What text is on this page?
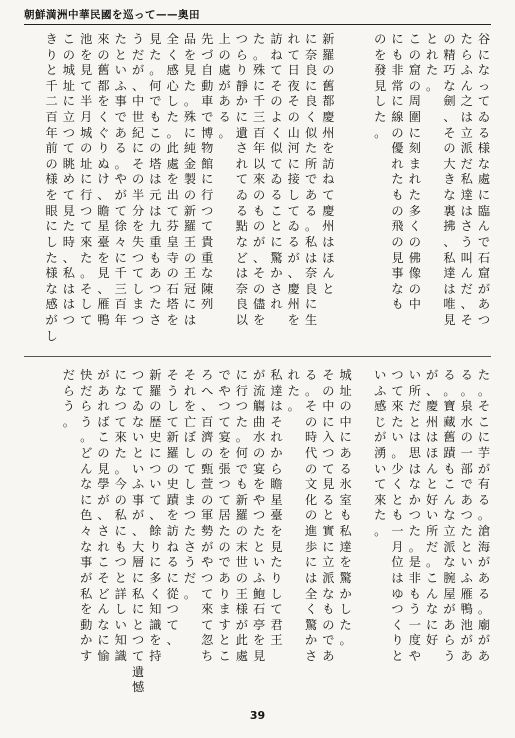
朝鮮満洲中華民國を巡って——奥田
谷
に
な
っ
て
ゐ
る
様
な
處
に
臨
ん
で
石
窟
が
あ
つ
た
ら
ふ
ん
之
は
立
派
だ
私
達
は
さ
う
叫
ん
だ
、
そ
の
精
巧
な
劍
、
そ
の
大
き
な
裏
拂
、
私
達
は
唯
見
と
れ
た
。
こ
の
窟
の
周
圍
に
刻
ま
れ
た
多
く
の
佛
像
の
中
に
も
非
常
に
線
の
優
れ
た
も
の
飛
の
見
事
な
も
の
を
發
見
し
た
。
新
羅
の
舊
都
慶
州
を
訪
ね
て
慶
州
は
ほ
ん
と
に
奈
良
に
良
く
似
た
所
で
あ
る
。
私
は
奈
良
に
生
れ
て
日
夜
そ
の
山
河
に
接
し
て
ゐ
る
が
、
慶
州
を
訪
ね
て
そ
の
よ
く
似
て
ゐ
る
こ
と
に
驚
か
さ
れ
た
。
殊
に
千
三
百
年
以
來
の
も
の
が
、
そ
の
儘
を
つ
ら
り
靜
か
に
遺
さ
れ
て
ゐ
る
點
な
ど
は
奈
良
以
上
の
處
が
あ
る
。
先
づ
自
動
車
で
博
物
館
に
行
つ
て
貴
重
な
陳
列
品
を
見
た
。
殊
に
純
金
製
の
新
羅
王
の
王
冠
に
は
全
く
感
心
し
た
。
此
處
を
出
て
芬
皇
寺
の
石
塔
を
見
た
。
何
で
も
こ
の
塔
は
元
は
九
重
も
あ
つ
た
さ
う
だ
が
、
中
世
紀
に
そ
の
半
分
を
失
つ
て
し
ま
つ
た
と
い
ふ
事
で
あ
る
。
や
が
て
徐
々
に
千
三
百
年
來
の
舊
都
を
く
ぐ
り
ぬ
け
、
瞻
星
臺
を
見
、
雁
鴨
池
を
見
て
半
月
城
の
址
に
行
つ
て
來
た
。
そ
し
て
こ
の
城
址
に
立
つ
て
眺
め
て
見
た
時
、
私
は
は
つ
き
り
と
千
二
百
年
前
の
様
を
眼
に
し
た
様
な
感
が
し
た
。
そ
こ
に
芋
が
有
る
。
滄
海
が
あ
る
。
廟
が
あ
る
。
泉
水
の
一
部
で
あ
つ
た
と
い
ふ
雁
鴨
池
が
あ
る
。
寶
藏
舊
蹟
も
こ
ん
な
立
派
な
腕
屋
が
あ
ら
う
が
、
慶
州
は
ほ
ん
と
好
い
所
だ
。
こ
ん
な
に
好
い
所
だ
と
は
思
は
な
か
つ
た
。
是
非
も
う
一
度
や
つ
て
來
た
い
。
少
く
と
も
一
月
位
は
ゆ
つ
く
り
と
い
ふ
感
じ
が
湧
い
て
來
た
。
城
址
の
中
に
あ
る
氷
室
も
私
達
を
驚
か
し
た
。
そ
の
中
に
入
つ
て
見
る
と
實
に
立
派
な
も
の
で
あ
る
。
そ
の
時
代
の
文
化
の
進
歩
に
は
全
く
驚
か
さ
れ
た
。
私
達
は
そ
れ
か
ら
瞻
星
臺
を
見
た
り
し
て
君
王
が
流
觴
曲
水
の
宴
を
や
つ
た
と
い
ふ
鮑
石
亭
を
見
に
行
つ
た
。
何
で
も
新
羅
の
末
世
の
王
様
が
此
處
で
や
つ
て
宴
を
張
つ
て
居
た
の
で
あ
り
ま
す
と
こ
ろ
へ
、
百
濟
の
甄
萱
の
軍
勢
が
や
つ
て
來
て
忽
ち
そ
れ
を
亡
ぼ
し
て
し
ま
つ
た
さ
う
だ
。
そ
う
し
て
新
羅
の
史
蹟
を
訪
ね
る
に
從
つ
て
、
新
羅
の
歴
史
に
つ
い
て
、
餘
り
に
多
く
知
識
を
持
つ
て
ゐ
な
い
と
い
ふ
事
が
、
大
層
に
私
に
と
つ
て
遺
憾
に
な
つ
て
來
た
。
今
の
私
に
も
つ
と
詳
し
い
知
識
が
あ
れ
ば
こ
の
見
學
が
、
さ
れ
こ
そ
ど
ん
な
に
愉
快
だ
ら
う
。
ど
ん
な
に
色
々
な
事
が
私
を
動
か
す
だ
ら
う
。
39
